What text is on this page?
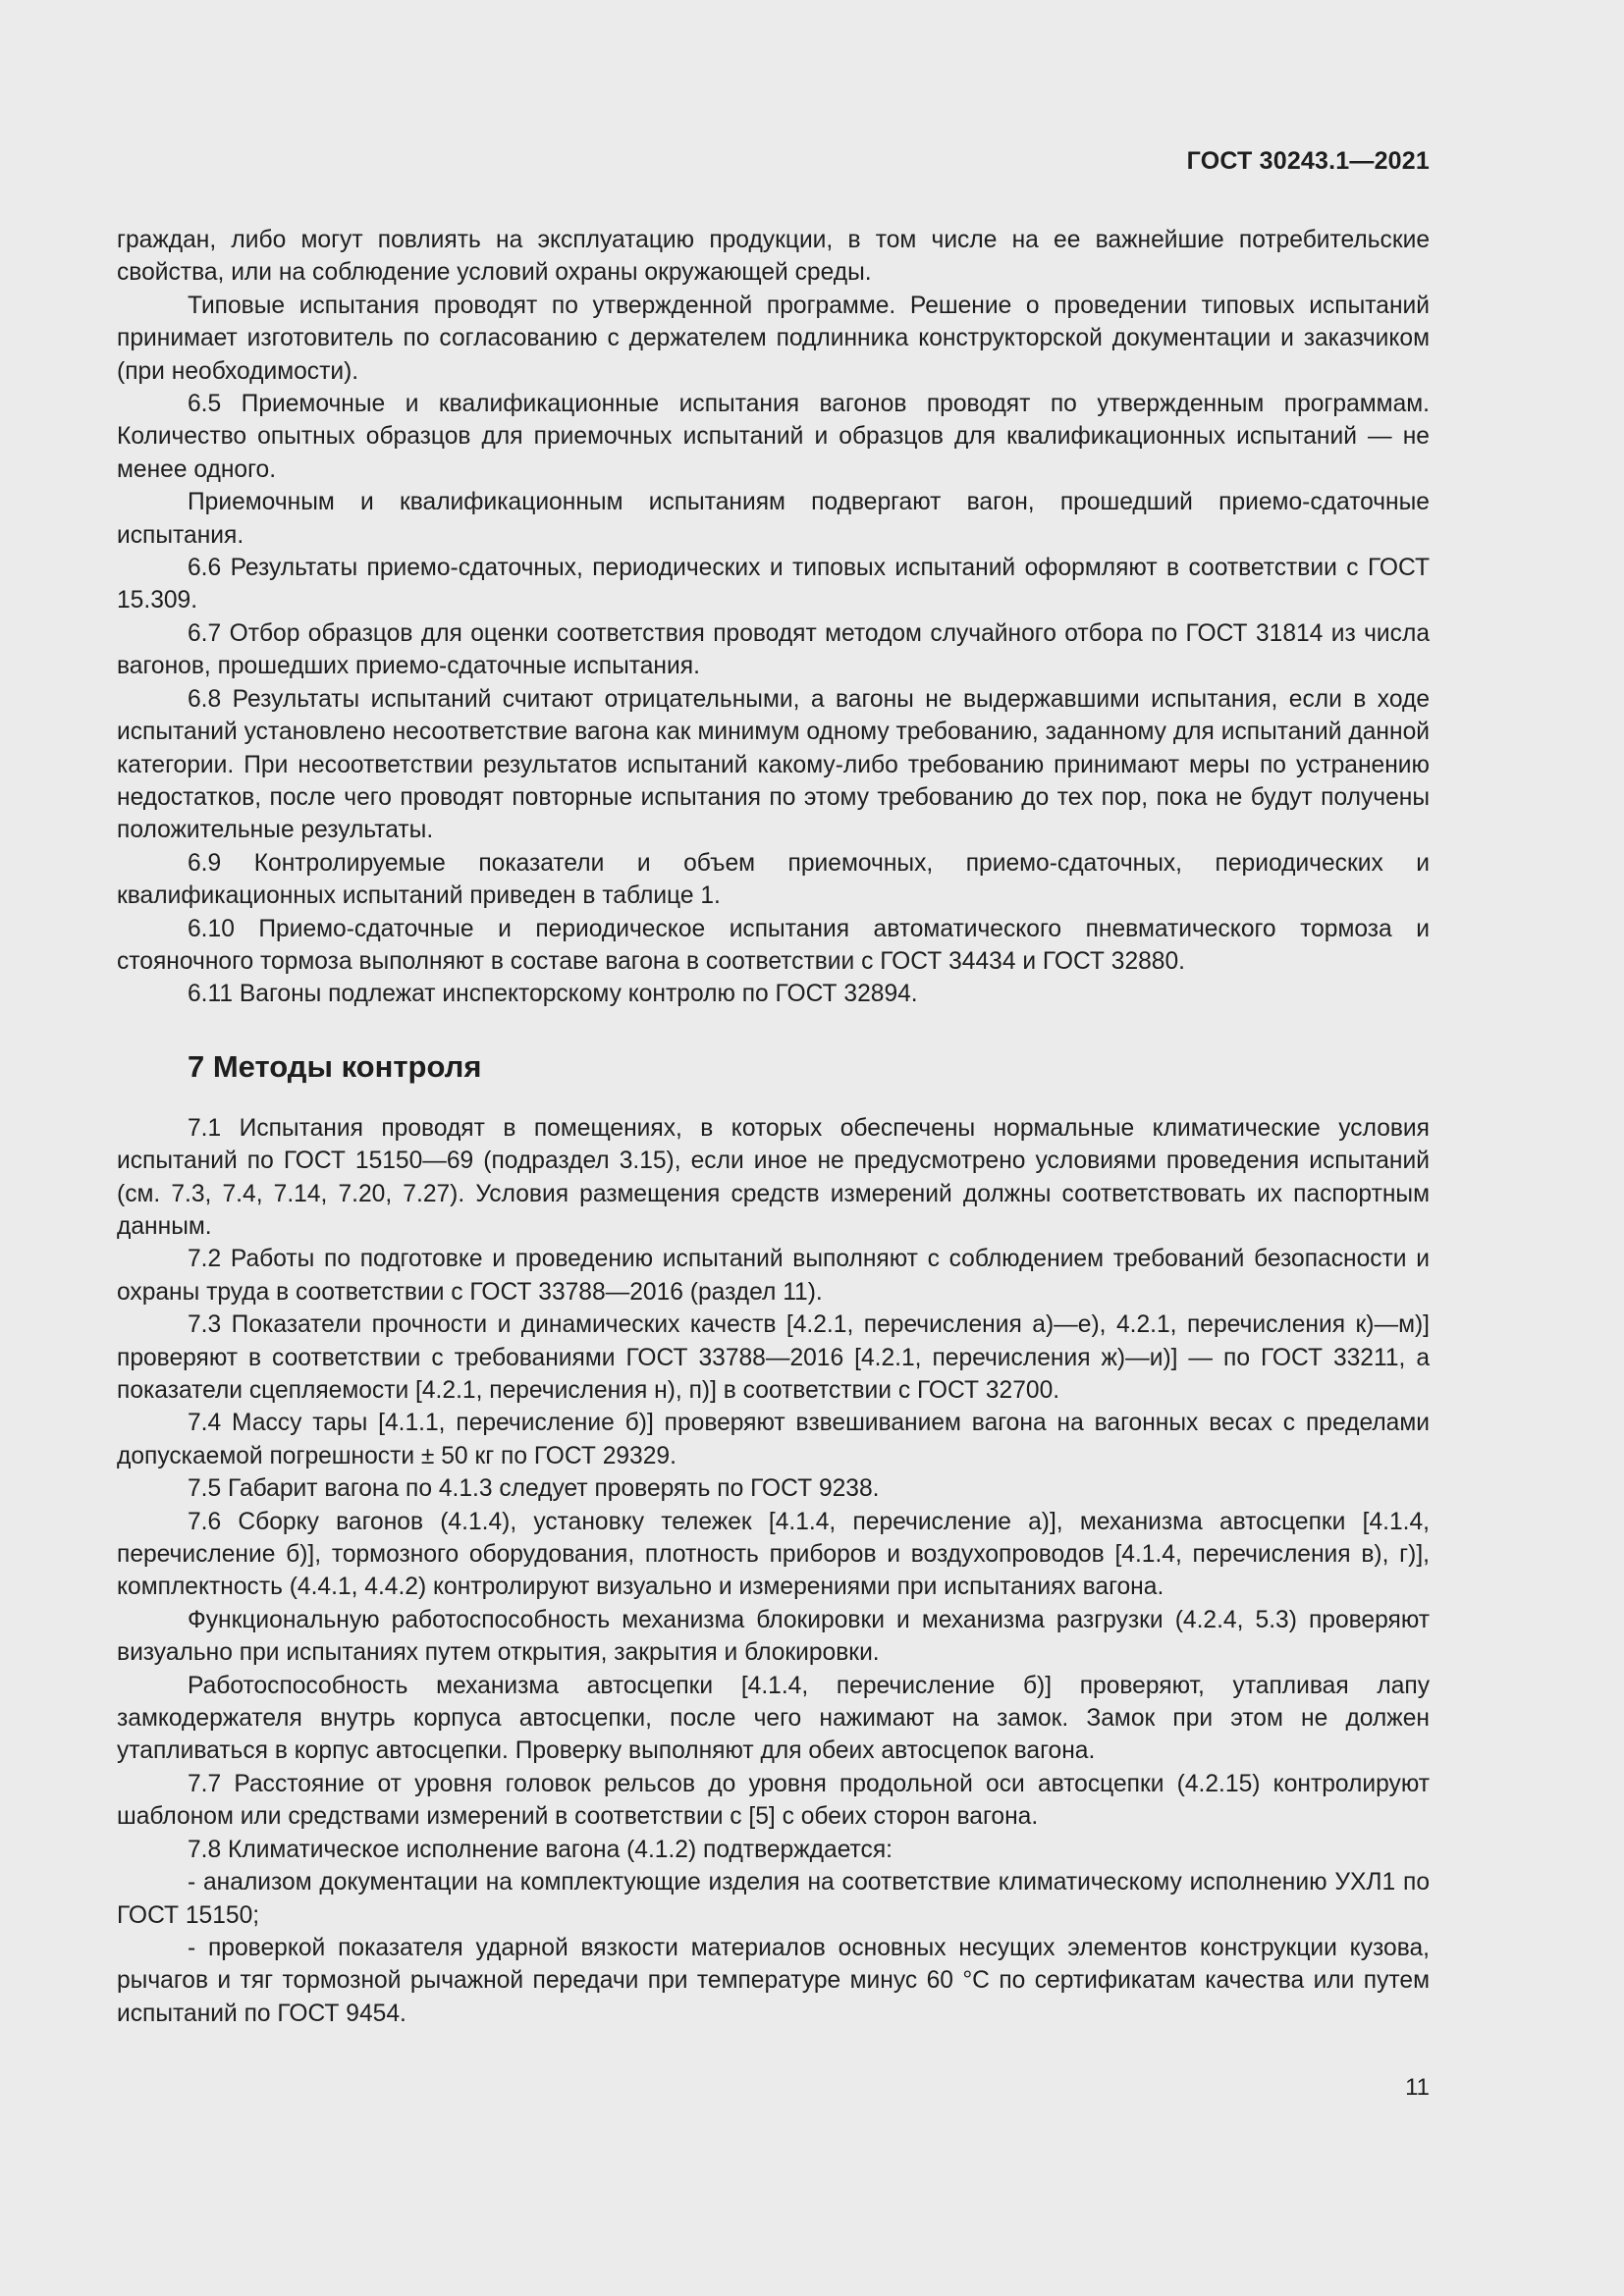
ГОСТ 30243.1—2021

граждан, либо могут повлиять на эксплуатацию продукции, в том числе на ее важнейшие потребительские свойства, или на соблюдение условий охраны окружающей среды.

Типовые испытания проводят по утвержденной программе. Решение о проведении типовых испытаний принимает изготовитель по согласованию с держателем подлинника конструкторской документации и заказчиком (при необходимости).

6.5 Приемочные и квалификационные испытания вагонов проводят по утвержденным программам. Количество опытных образцов для приемочных испытаний и образцов для квалификационных испытаний — не менее одного.

Приемочным и квалификационным испытаниям подвергают вагон, прошедший приемо-сдаточные испытания.

6.6 Результаты приемо-сдаточных, периодических и типовых испытаний оформляют в соответствии с ГОСТ 15.309.

6.7 Отбор образцов для оценки соответствия проводят методом случайного отбора по ГОСТ 31814 из числа вагонов, прошедших приемо-сдаточные испытания.

6.8 Результаты испытаний считают отрицательными, а вагоны не выдержавшими испытания, если в ходе испытаний установлено несоответствие вагона как минимум одному требованию, заданному для испытаний данной категории. При несоответствии результатов испытаний какому-либо требованию принимают меры по устранению недостатков, после чего проводят повторные испытания по этому требованию до тех пор, пока не будут получены положительные результаты.

6.9 Контролируемые показатели и объем приемочных, приемо-сдаточных, периодических и квалификационных испытаний приведен в таблице 1.

6.10 Приемо-сдаточные и периодическое испытания автоматического пневматического тормоза и стояночного тормоза выполняют в составе вагона в соответствии с ГОСТ 34434 и ГОСТ 32880.

6.11 Вагоны подлежат инспекторскому контролю по ГОСТ 32894.

7 Методы контроля

7.1 Испытания проводят в помещениях, в которых обеспечены нормальные климатические условия испытаний по ГОСТ 15150—69 (подраздел 3.15), если иное не предусмотрено условиями проведения испытаний (см. 7.3, 7.4, 7.14, 7.20, 7.27). Условия размещения средств измерений должны соответствовать их паспортным данным.

7.2 Работы по подготовке и проведению испытаний выполняют с соблюдением требований безопасности и охраны труда в соответствии с ГОСТ 33788—2016 (раздел 11).

7.3 Показатели прочности и динамических качеств [4.2.1, перечисления а)—е), 4.2.1, перечисления к)—м)] проверяют в соответствии с требованиями ГОСТ 33788—2016 [4.2.1, перечисления ж)—и)] — по ГОСТ 33211, а показатели сцепляемости [4.2.1, перечисления н), п)] в соответствии с ГОСТ 32700.

7.4 Массу тары [4.1.1, перечисление б)] проверяют взвешиванием вагона на вагонных весах с пределами допускаемой погрешности ± 50 кг по ГОСТ 29329.

7.5 Габарит вагона по 4.1.3 следует проверять по ГОСТ 9238.

7.6 Сборку вагонов (4.1.4), установку тележек [4.1.4, перечисление а)], механизма автосцепки [4.1.4, перечисление б)], тормозного оборудования, плотность приборов и воздухопроводов [4.1.4, перечисления в), г)], комплектность (4.4.1, 4.4.2) контролируют визуально и измерениями при испытаниях вагона.

Функциональную работоспособность механизма блокировки и механизма разгрузки (4.2.4, 5.3) проверяют визуально при испытаниях путем открытия, закрытия и блокировки.

Работоспособность механизма автосцепки [4.1.4, перечисление б)] проверяют, утапливая лапу замкодержателя внутрь корпуса автосцепки, после чего нажимают на замок. Замок при этом не должен утапливаться в корпус автосцепки. Проверку выполняют для обеих автосцепок вагона.

7.7 Расстояние от уровня головок рельсов до уровня продольной оси автосцепки (4.2.15) контролируют шаблоном или средствами измерений в соответствии с [5] с обеих сторон вагона.

7.8 Климатическое исполнение вагона (4.1.2) подтверждается:

- анализом документации на комплектующие изделия на соответствие климатическому исполнению УХЛ1 по ГОСТ 15150;

- проверкой показателя ударной вязкости материалов основных несущих элементов конструкции кузова, рычагов и тяг тормозной рычажной передачи при температуре минус 60 °С по сертификатам качества или путем испытаний по ГОСТ 9454.

11
